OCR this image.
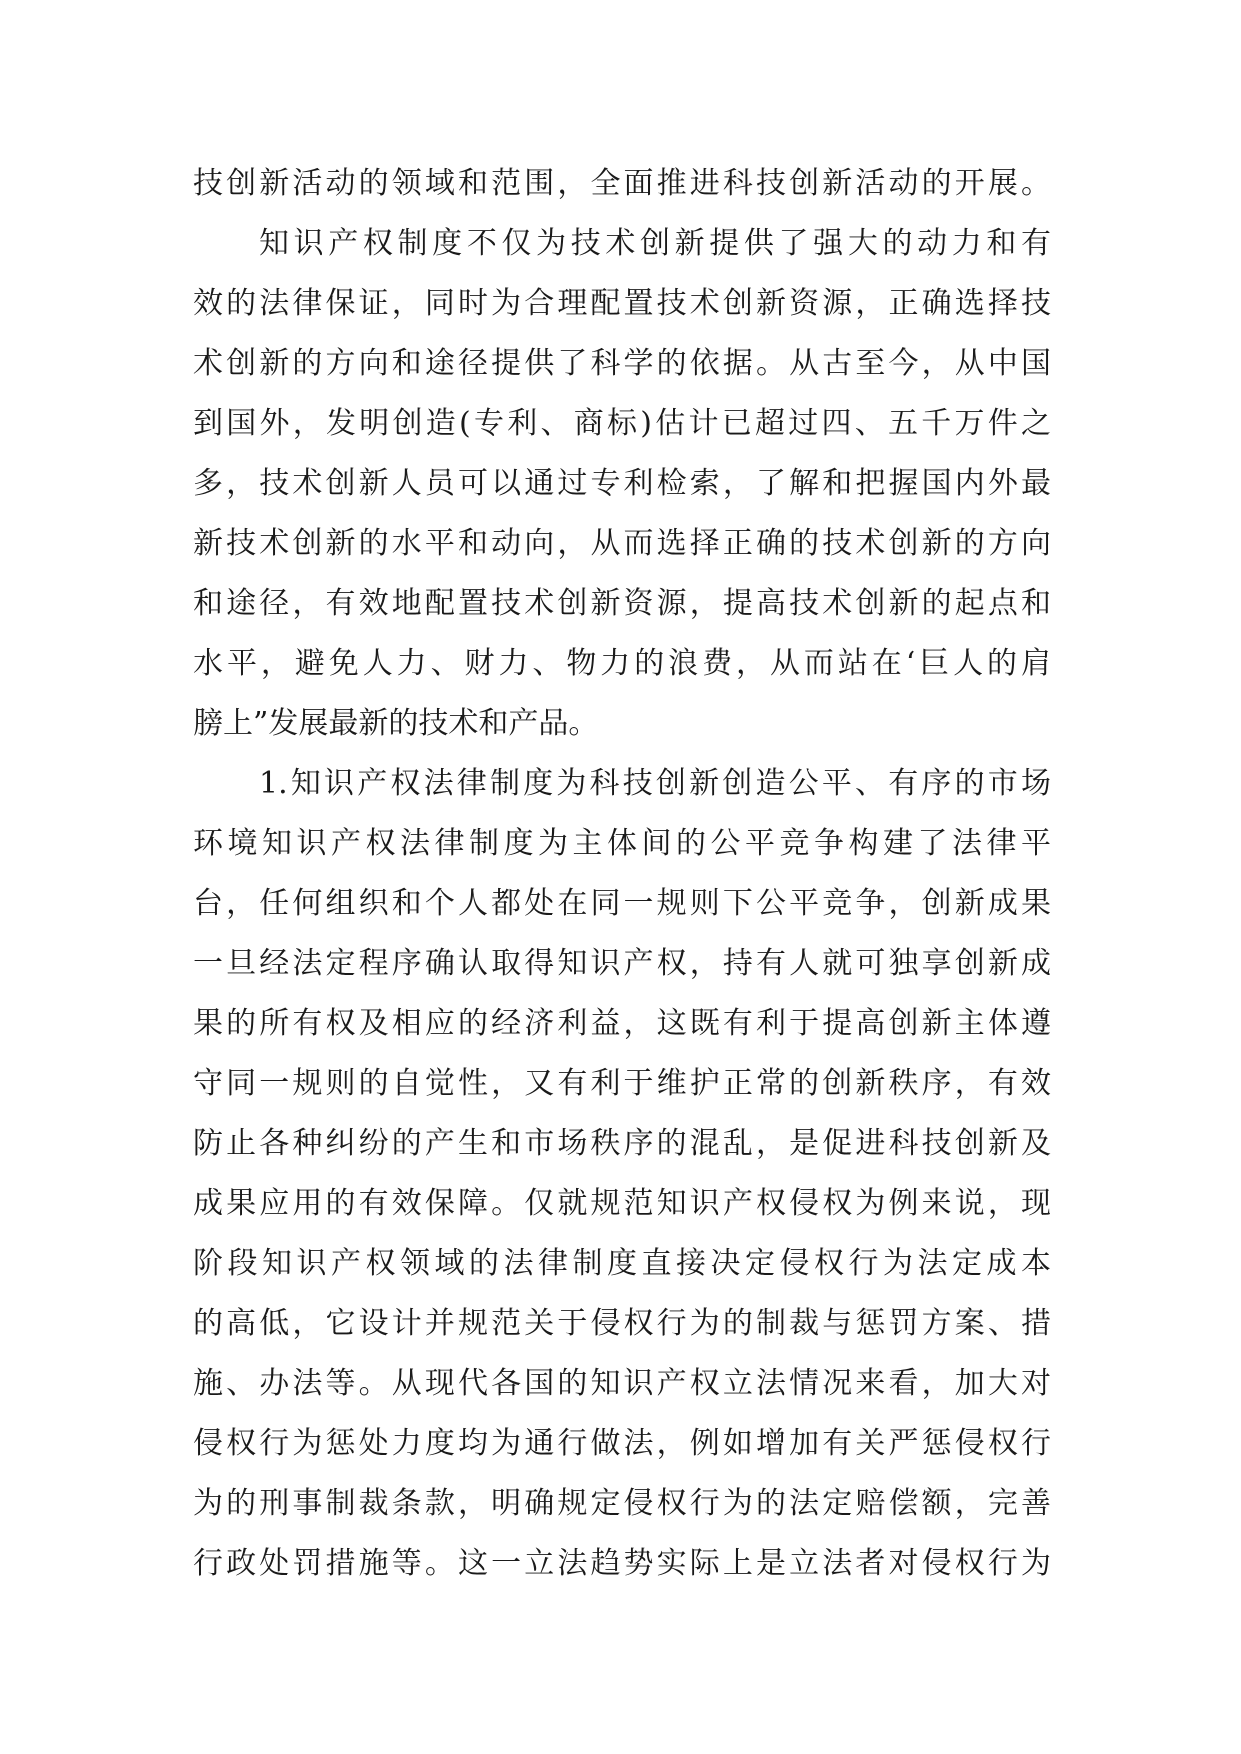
技创新活动的领域和范围，全面推进科技创新活动的开展。
知识产权制度不仅为技术创新提供了强大的动力和有
效的法律保证，同时为合理配置技术创新资源，正确选择技
术创新的方向和途径提供了科学的依据。从古至今，从中国
到国外，发明创造(专利、商标)估计已超过四、五千万件之
多，技术创新人员可以通过专利检索，了解和把握国内外最
新技术创新的水平和动向，从而选择正确的技术创新的方向
和途径，有效地配置技术创新资源，提高技术创新的起点和
水平，避免人力、财力、物力的浪费，从而站在‘巨人的肩
膀上”发展最新的技术和产品。
1.知识产权法律制度为科技创新创造公平、有序的市场
环境知识产权法律制度为主体间的公平竞争构建了法律平
台，任何组织和个人都处在同一规则下公平竞争，创新成果
一旦经法定程序确认取得知识产权，持有人就可独享创新成
果的所有权及相应的经济利益，这既有利于提高创新主体遵
守同一规则的自觉性，又有利于维护正常的创新秩序，有效
防止各种纠纷的产生和市场秩序的混乱，是促进科技创新及
成果应用的有效保障。仅就规范知识产权侵权为例来说，现
阶段知识产权领域的法律制度直接决定侵权行为法定成本
的高低，它设计并规范关于侵权行为的制裁与惩罚方案、措
施、办法等。从现代各国的知识产权立法情况来看，加大对
侵权行为惩处力度均为通行做法，例如增加有关严惩侵权行
为的刑事制裁条款，明确规定侵权行为的法定赔偿额，完善
行政处罚措施等。这一立法趋势实际上是立法者对侵权行为
